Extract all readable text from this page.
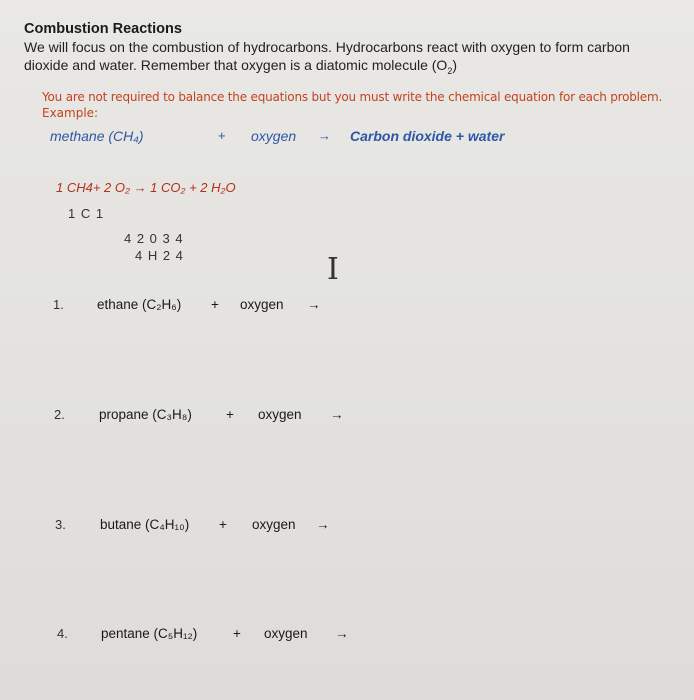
Combustion Reactions
We will focus on the combustion of hydrocarbons. Hydrocarbons react with oxygen to form carbon
dioxide and water. Remember that oxygen is a diatomic molecule $(O_2)$
You are not required to balance the equations but you must write the chemical equation for each problem.
Example:
methane (CH₄)	+ oxygen → Carbon dioxide + water
1 CH4+ 2 O₂ → 1 CO₂ + 2 H₂O
1 C 1
4 2 0 3 4
4 H 2 4	I
1. ethane (C₂H₆) + oxygen →
2.	propane (C₃H₈)	+ oxygen →
3.	butane (C₄H₁₀) + oxygen →
4. pentane (C₅H₁₂)	+ oxygen →
